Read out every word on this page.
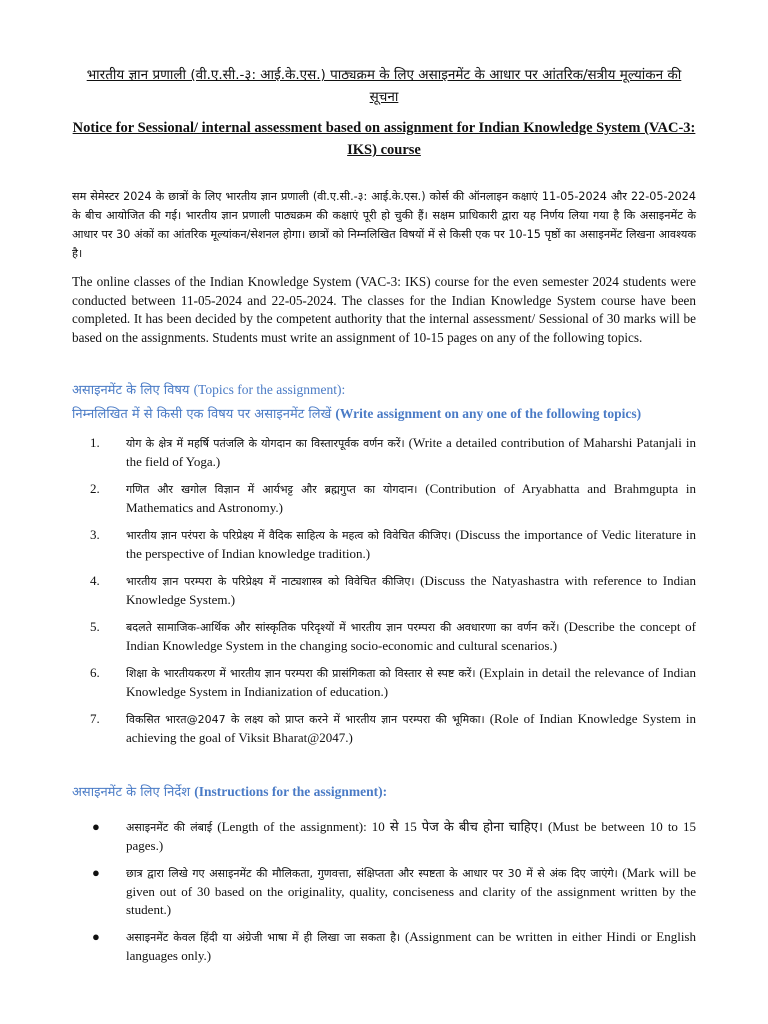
भारतीय ज्ञान प्रणाली (वी.ए.सी.-३: आई.के.एस.) पाठ्यक्रम के लिए असाइनमेंट के आधार पर आंतरिक/सत्रीय मूल्यांकन की सूचना

Notice for Sessional/ internal assessment based on assignment for Indian Knowledge System (VAC-3: IKS) course

सम सेमेस्टर 2024 के छात्रों के लिए भारतीय ज्ञान प्रणाली (वी.ए.सी.-३: आई.के.एस.) कोर्स की ऑनलाइन कक्षाएं 11-05-2024 और 22-05-2024 के बीच आयोजित की गई। भारतीय ज्ञान प्रणाली पाठ्यक्रम की कक्षाएं पूरी हो चुकी हैं। सक्षम प्राधिकारी द्वारा यह निर्णय लिया गया है कि असाइनमेंट के आधार पर 30 अंकों का आंतरिक मूल्यांकन/सेशनल होगा। छात्रों को निम्नलिखित विषयों में से किसी एक पर 10-15 पृष्ठों का असाइनमेंट लिखना आवश्यक है।

The online classes of the Indian Knowledge System (VAC-3: IKS) course for the even semester 2024 students were conducted between 11-05-2024 and 22-05-2024. The classes for the Indian Knowledge System course have been completed. It has been decided by the competent authority that the internal assessment/ Sessional of 30 marks will be based on the assignments. Students must write an assignment of 10-15 pages on any of the following topics.

असाइनमेंट के लिए विषय (Topics for the assignment):

निम्नलिखित में से किसी एक विषय पर असाइनमेंट लिखें (Write assignment on any one of the following topics)

1.	योग के क्षेत्र में महर्षि पतंजलि के योगदान का विस्तारपूर्वक वर्णन करें। (Write a detailed contribution of Maharshi Patanjali in the field of Yoga.)
2.	गणित और खगोल विज्ञान में आर्यभट्ट और ब्रह्मगुप्त का योगदान। (Contribution of Aryabhatta and Brahmgupta in Mathematics and Astronomy.)
3.	भारतीय ज्ञान परंपरा के परिप्रेक्ष्य में वैदिक साहित्य के महत्व को विवेचित कीजिए। (Discuss the importance of Vedic literature in the perspective of Indian knowledge tradition.)
4.	भारतीय ज्ञान परम्परा के परिप्रेक्ष्य में नाट्यशास्त्र को विवेचित कीजिए। (Discuss the Natyashastra with reference to Indian Knowledge System.)
5.	बदलते सामाजिक-आर्थिक और सांस्कृतिक परिदृश्यों में भारतीय ज्ञान परम्परा की अवधारणा का वर्णन करें। (Describe the concept of Indian Knowledge System in the changing socio-economic and cultural scenarios.)
6.	शिक्षा के भारतीयकरण में भारतीय ज्ञान परम्परा की प्रासंगिकता को विस्तार से स्पष्ट करें। (Explain in detail the relevance of Indian Knowledge System in Indianization of education.)
7.	विकसित भारत@2047 के लक्ष्य को प्राप्त करने में भारतीय ज्ञान परम्परा की भूमिका। (Role of Indian Knowledge System in achieving the goal of Viksit Bharat@2047.)

असाइनमेंट के लिए निर्देश (Instructions for the assignment):

●	असाइनमेंट की लंबाई (Length of the assignment): 10 से 15 पेज के बीच होना चाहिए। (Must be between 10 to 15 pages.)
●	छात्र द्वारा लिखे गए असाइनमेंट की मौलिकता, गुणवत्ता, संक्षिप्तता और स्पष्टता के आधार पर 30 में से अंक दिए जाएंगे। (Mark will be given out of 30 based on the originality, quality, conciseness and clarity of the assignment written by the student.)
●	असाइनमेंट केवल हिंदी या अंग्रेजी भाषा में ही लिखा जा सकता है। (Assignment can be written in either Hindi or English languages only.)
